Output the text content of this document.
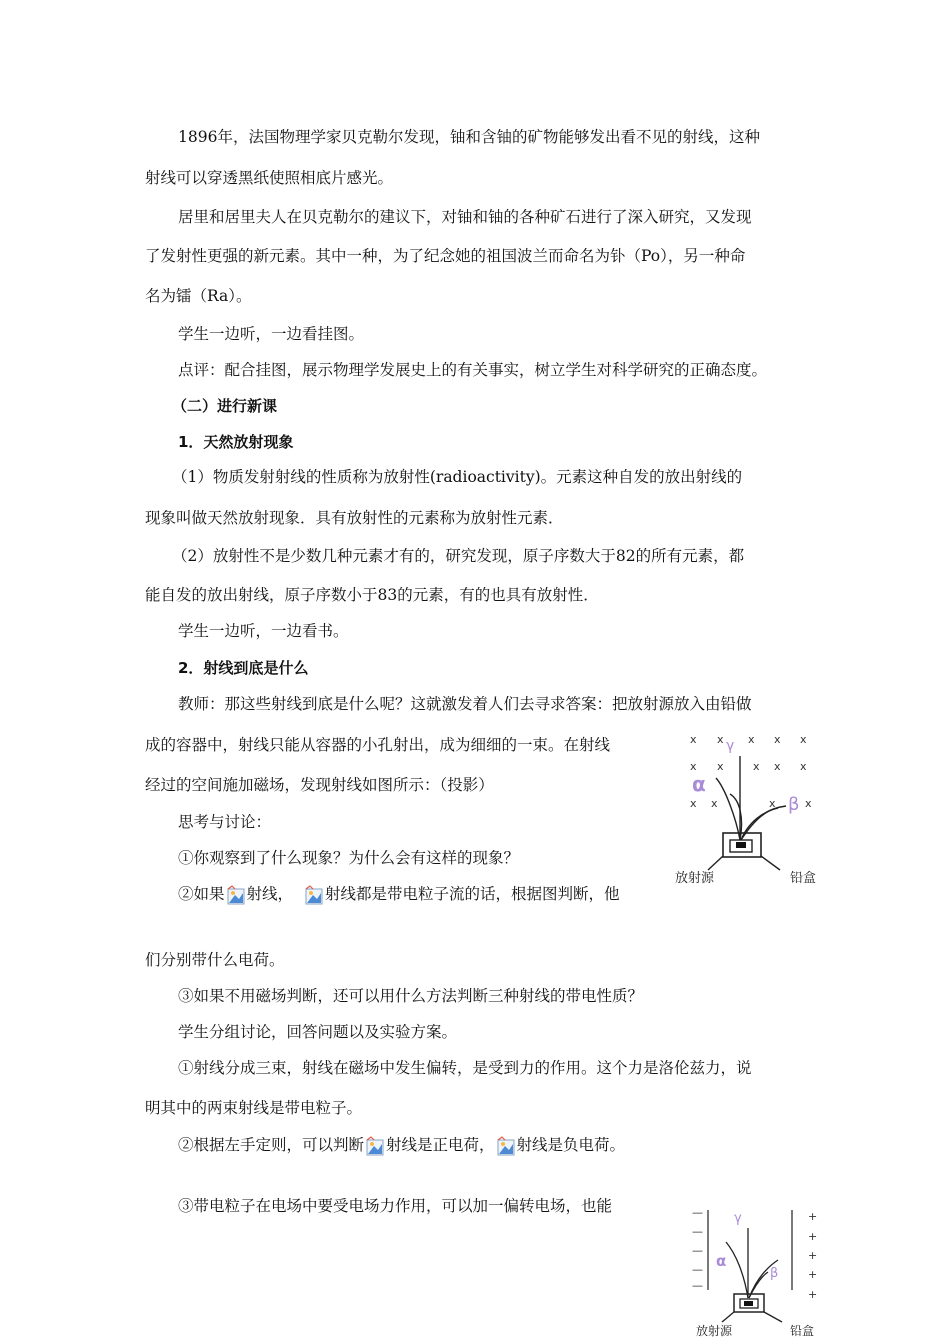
1896年，法国物理学家贝克勒尔发现，铀和含铀的矿物能够发出看不见的射线，这种
射线可以穿透黑纸使照相底片感光。
居里和居里夫人在贝克勒尔的建议下，对铀和铀的各种矿石进行了深入研究，又发现
了发射性更强的新元素。其中一种，为了纪念她的祖国波兰而命名为钋（Po），另一种命
名为镭（Ra）。
学生一边听，一边看挂图。
点评：配合挂图，展示物理学发展史上的有关事实，树立学生对科学研究的正确态度。
（二）进行新课
1．天然放射现象
（1）物质发射射线的性质称为放射性(radioactivity)。元素这种自发的放出射线的
现象叫做天然放射现象．具有放射性的元素称为放射性元素．
（2）放射性不是少数几种元素才有的，研究发现，原子序数大于82的所有元素，都
能自发的放出射线，原子序数小于83的元素，有的也具有放射性．
学生一边听，一边看书。
2．射线到底是什么
教师：那这些射线到底是什么呢？这就激发着人们去寻求答案：把放射源放入由铅做
成的容器中，射线只能从容器的小孔射出，成为细细的一束。在射线
经过的空间施加磁场，发现射线如图所示：（投影）
思考与讨论：
①你观察到了什么现象？为什么会有这样的现象？
②如果 射线， 射线都是带电粒子流的话，根据图判断，他
们分别带什么电荷。
③如果不用磁场判断，还可以用什么方法判断三种射线的带电性质？
学生分组讨论，回答问题以及实验方案。
①射线分成三束，射线在磁场中发生偏转，是受到力的作用。这个力是洛伦兹力，说
明其中的两束射线是带电粒子。
②根据左手定则，可以判断 射线是正电荷， 射线是负电荷。
③带电粒子在电场中要受电场力作用，可以加一偏转电场，也能
x x x x x
x x	x x x
x x	x	x
γ
α
β
放射源	铅盒
—
—
—
—
—
+
+
+
+
+
γ
α
β
放射源	铅盒
